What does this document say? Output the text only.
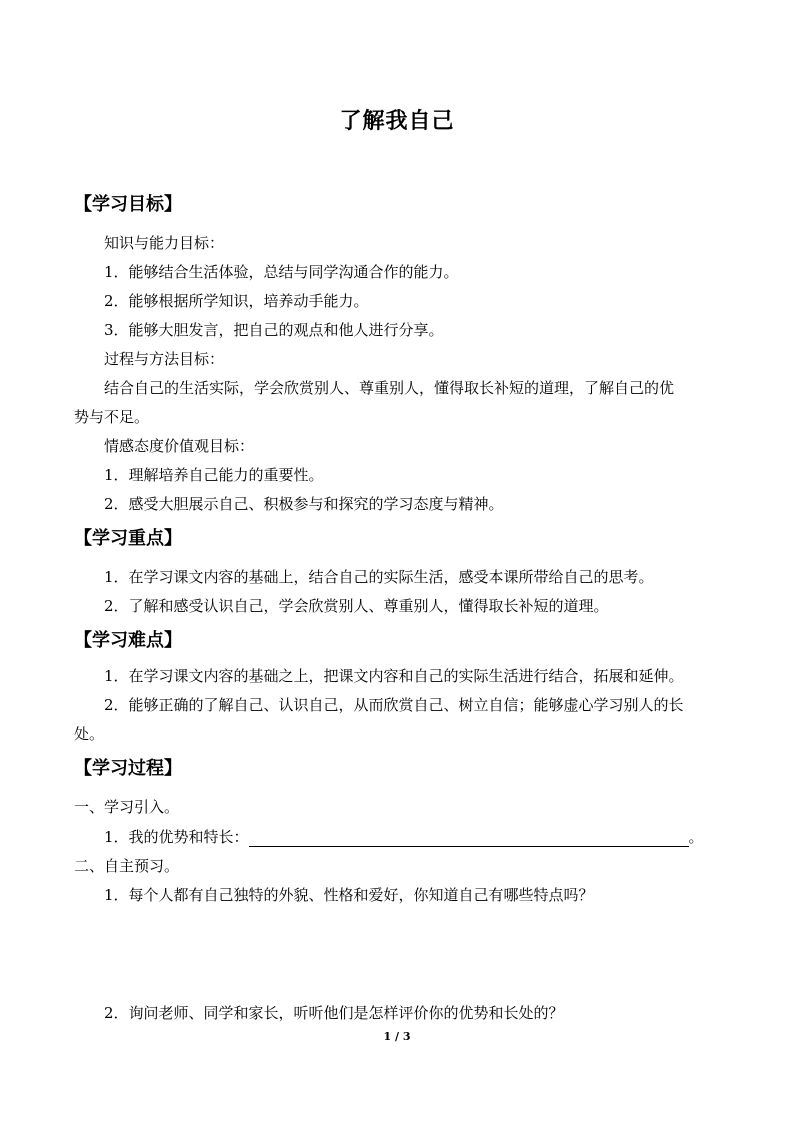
了解我自己
【学习目标】
知识与能力目标：
1．能够结合生活体验，总结与同学沟通合作的能力。
2．能够根据所学知识，培养动手能力。
3．能够大胆发言，把自己的观点和他人进行分享。
过程与方法目标：
结合自己的生活实际，学会欣赏别人、尊重别人，懂得取长补短的道理，了解自己的优
势与不足。
情感态度价值观目标：
1．理解培养自己能力的重要性。
2．感受大胆展示自己、积极参与和探究的学习态度与精神。
【学习重点】
1．在学习课文内容的基础上，结合自己的实际生活，感受本课所带给自己的思考。
2．了解和感受认识自己，学会欣赏别人、尊重别人，懂得取长补短的道理。
【学习难点】
1．在学习课文内容的基础之上，把课文内容和自己的实际生活进行结合，拓展和延伸。
2．能够正确的了解自己、认识自己，从而欣赏自己、树立自信；能够虚心学习别人的长
处。
【学习过程】
一、学习引入。
1．我的优势和特长：	。
二、自主预习。
1．每个人都有自己独特的外貌、性格和爱好，你知道自己有哪些特点吗？
2．询问老师、同学和家长，听听他们是怎样评价你的优势和长处的？
1 / 3
